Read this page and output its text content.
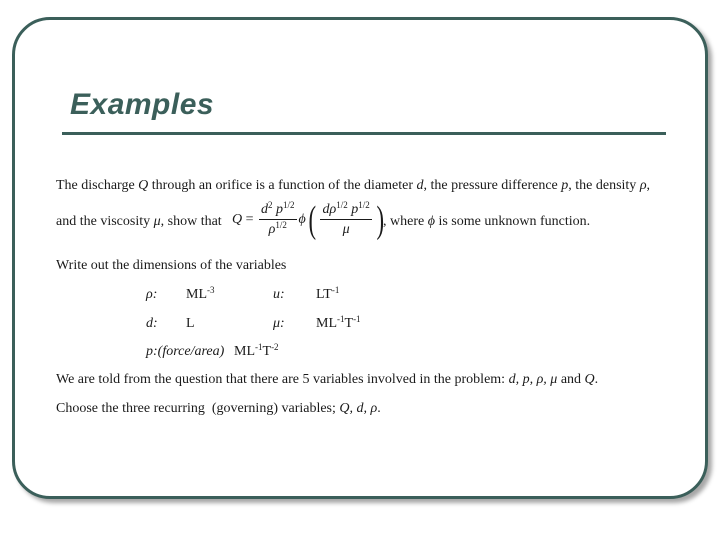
Examples
The discharge Q through an orifice is a function of the diameter d, the pressure difference p, the density ρ,
and the viscosity μ, show that $Q = \frac{d^2 p^{1/2}}{\rho^{1/2}}$ ϕ ( $\frac{d\rho^{1/2} p^{1/2}}{\mu}$ ) , where ϕ is some unknown function.
Write out the dimensions of the variables
ρ: $ML^{-3}$	u: $LT^{-1}$
d: L	μ: $ML^{-1}T^{-1}$
p:(force/area) $ML^{-1}T^{-2}$
We are told from the question that there are 5 variables involved in the problem: d, p, ρ, μ and Q.
Choose the three recurring  (governing) variables; Q, d, ρ.
